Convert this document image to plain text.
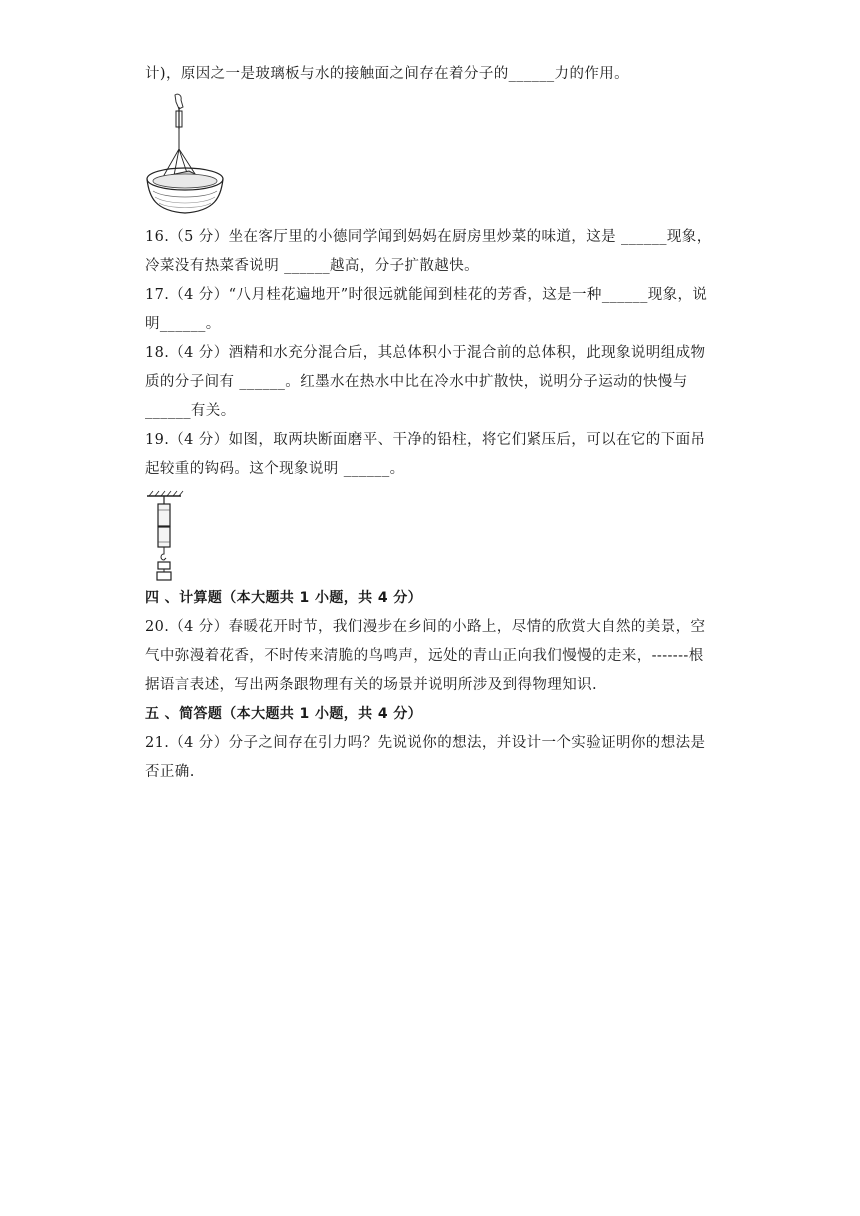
计)，原因之一是玻璃板与水的接触面之间存在着分子的______力的作用。
16.（5 分）坐在客厅里的小德同学闻到妈妈在厨房里炒菜的味道，这是 ______现象，
冷菜没有热菜香说明 ______越高，分子扩散越快。
17.（4 分）“八月桂花遍地开”时很远就能闻到桂花的芳香，这是一种______现象，说
明______。
18.（4 分）酒精和水充分混合后，其总体积小于混合前的总体积，此现象说明组成物
质的分子间有 ______。红墨水在热水中比在冷水中扩散快，说明分子运动的快慢与
______有关。
19.（4 分）如图，取两块断面磨平、干净的铅柱，将它们紧压后，可以在它的下面吊
起较重的钩码。这个现象说明 ______。
四 、计算题（本大题共 1 小题，共 4 分）
20.（4 分）春暖花开时节，我们漫步在乡间的小路上，尽情的欣赏大自然的美景，空
气中弥漫着花香，不时传来清脆的鸟鸣声，远处的青山正向我们慢慢的走来，-------根
据语言表述，写出两条跟物理有关的场景并说明所涉及到得物理知识.
五 、简答题（本大题共 1 小题，共 4 分）
21.（4 分）分子之间存在引力吗？先说说你的想法，并设计一个实验证明你的想法是
否正确.
